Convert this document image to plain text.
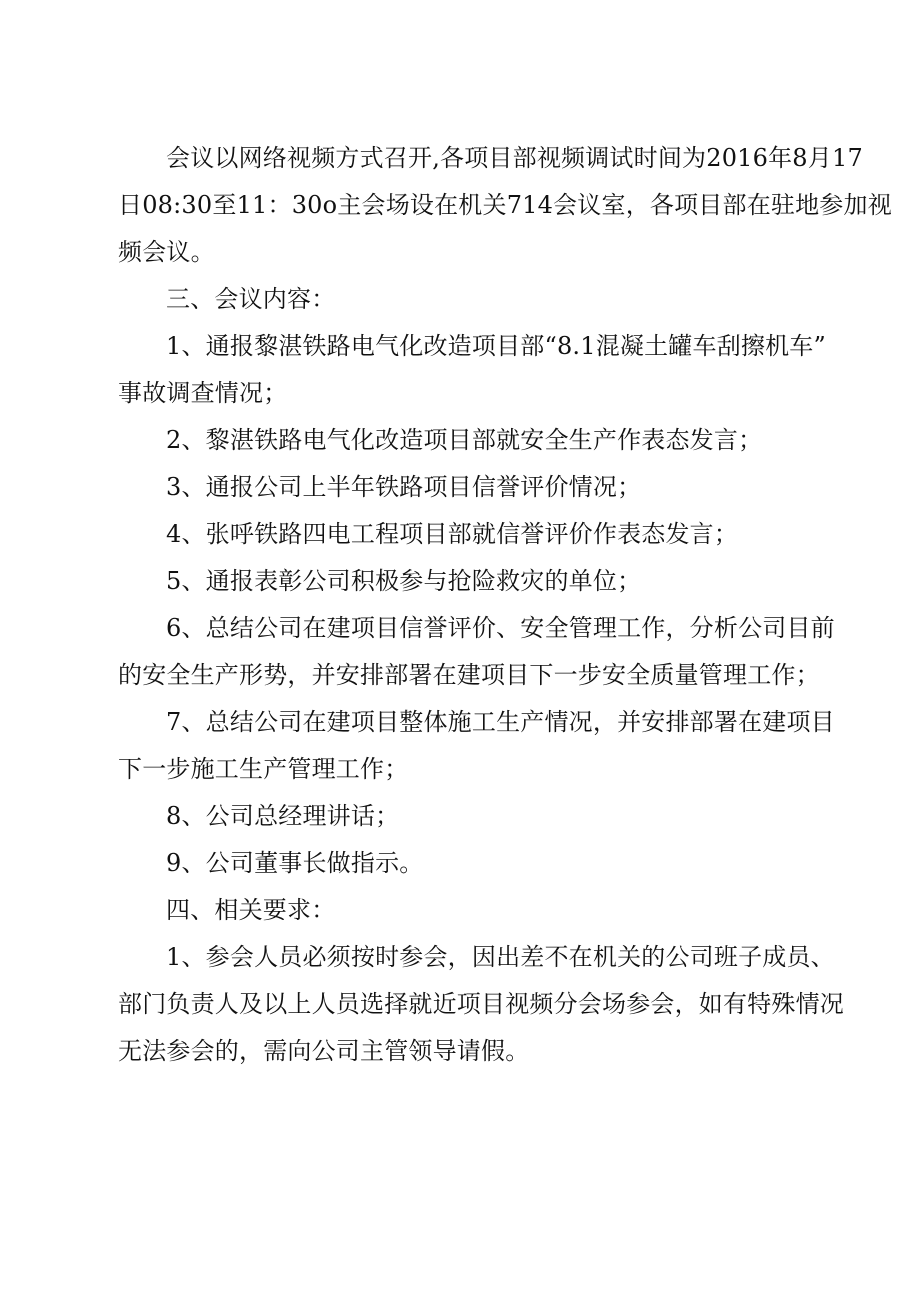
会议以网络视频方式召开,各项目部视频调试时间为2016年8月17
日08:30至11：30o主会场设在机关714会议室，各项目部在驻地参加视
频会议。
三、会议内容：
1、通报黎湛铁路电气化改造项目部“8.1混凝土罐车刮擦机车”
事故调查情况；
2、黎湛铁路电气化改造项目部就安全生产作表态发言；
3、通报公司上半年铁路项目信誉评价情况；
4、张呼铁路四电工程项目部就信誉评价作表态发言；
5、通报表彰公司积极参与抢险救灾的单位；
6、总结公司在建项目信誉评价、安全管理工作，分析公司目前
的安全生产形势，并安排部署在建项目下一步安全质量管理工作；
7、总结公司在建项目整体施工生产情况，并安排部署在建项目
下一步施工生产管理工作；
8、公司总经理讲话；
9、公司董事长做指示。
四、相关要求：
1、参会人员必须按时参会，因出差不在机关的公司班子成员、
部门负责人及以上人员选择就近项目视频分会场参会，如有特殊情况
无法参会的，需向公司主管领导请假。
